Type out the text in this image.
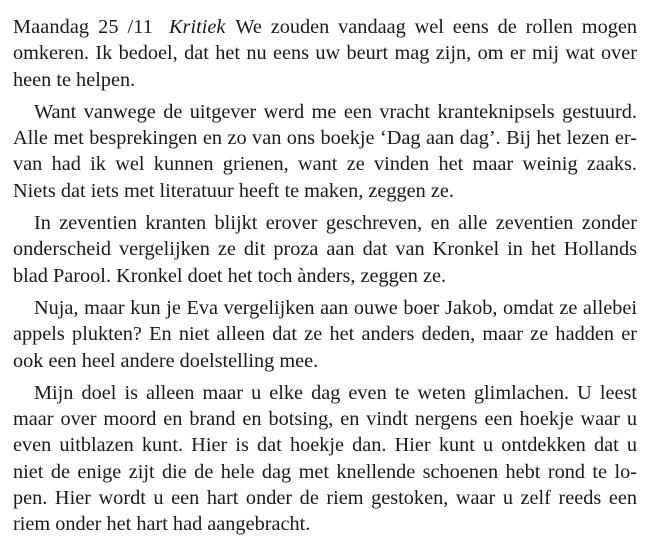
Maandag 25 /11 Kritiek We zouden vandaag wel eens de rollen mogen
omkeren. Ik bedoel, dat het nu eens uw beurt mag zijn, om er mij wat over
heen te helpen.

Want vanwege de uitgever werd me een vracht kranteknipsels gestuurd.
Alle met besprekingen en zo van ons boekje ‘Dag aan dag’. Bij het lezen er-
van had ik wel kunnen grienen, want ze vinden het maar weinig zaaks.
Niets dat iets met literatuur heeft te maken, zeggen ze.

In zeventien kranten blijkt erover geschreven, en alle zeventien zonder
onderscheid vergelijken ze dit proza aan dat van Kronkel in het Hollands
blad Parool. Kronkel doet het toch ànders, zeggen ze.

Nuja, maar kun je Eva vergelijken aan ouwe boer Jakob, omdat ze allebei
appels plukten? En niet alleen dat ze het anders deden, maar ze hadden er
ook een heel andere doelstelling mee.

Mijn doel is alleen maar u elke dag even te weten glimlachen. U leest
maar over moord en brand en botsing, en vindt nergens een hoekje waar u
even uitblazen kunt. Hier is dat hoekje dan. Hier kunt u ontdekken dat u
niet de enige zijt die de hele dag met knellende schoenen hebt rond te lo-
pen. Hier wordt u een hart onder de riem gestoken, waar u zelf reeds een
riem onder het hart had aangebracht.
